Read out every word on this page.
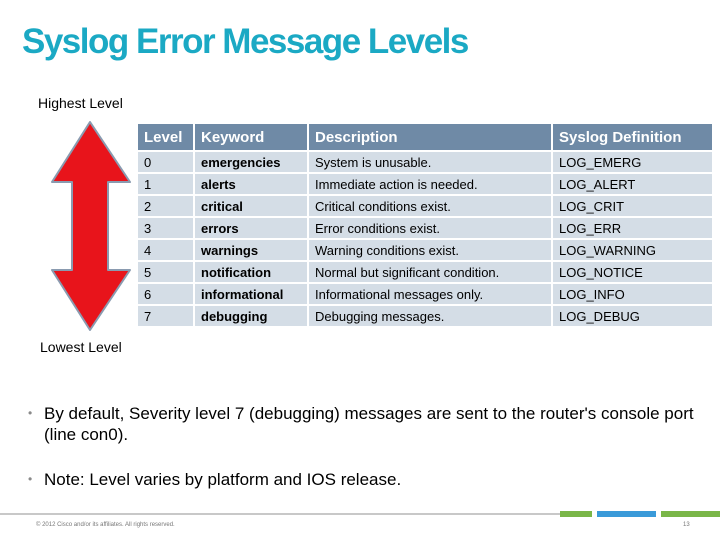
Syslog Error Message Levels
Highest Level
Lowest Level
Level	Keyword	Description	Syslog Definition
0	emergencies	System is unusable.	LOG_EMERG
1	alerts	Immediate action is needed.	LOG_ALERT
2	critical	Critical conditions exist.	LOG_CRIT
3	errors	Error conditions exist.	LOG_ERR
4	warnings	Warning conditions exist.	LOG_WARNING
5	notification	Normal but significant condition.	LOG_NOTICE
6	informational	Informational messages only.	LOG_INFO
7	debugging	Debugging messages.	LOG_DEBUG
• By default, Severity level 7 (debugging) messages are sent to the router's console port (line con0).
• Note: Level varies by platform and IOS release.
© 2012 Cisco and/or its affiliates. All rights reserved.	13
